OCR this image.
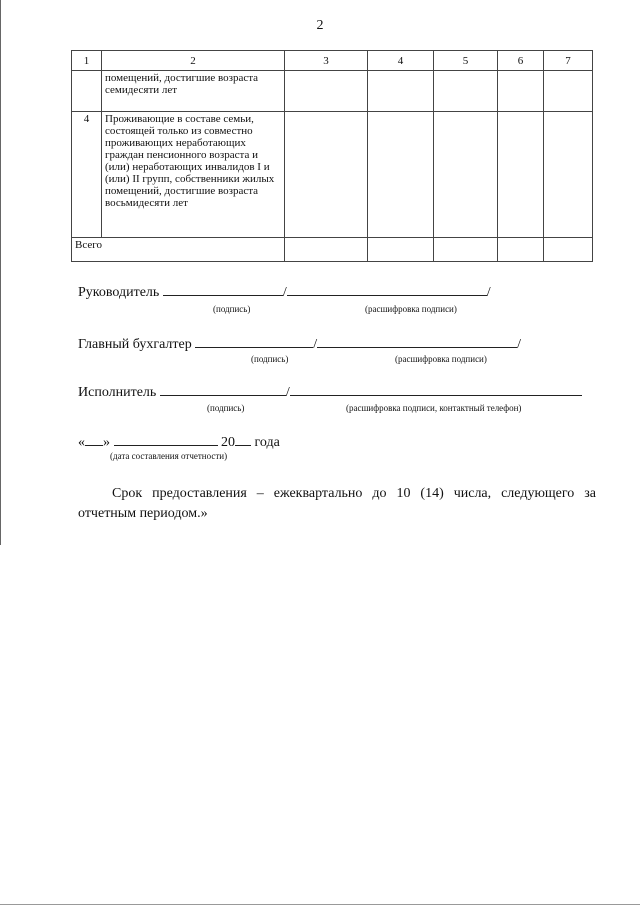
2
1	2	3	4	5	6	7
	помещений, достигшие возраста семидесяти лет					
4	Проживающие в составе семьи, состоящей только из совместно проживающих неработающих граждан пенсионного возраста и (или) неработающих инвалидов I и (или) II групп, собственники жилых помещений, достигшие возраста восьмидесяти лет					
Всего						
Руководитель	/	/
(подпись)	(расшифровка подписи)
Главный бухгалтер	/	/
(подпись)	(расшифровка подписи)
Исполнитель	/
(подпись)	(расшифровка подписи, контактный телефон)
« »	20 года
(дата составления отчетности)
Срок предоставления – ежеквартально до 10 (14) числа, следующего за отчетным периодом.»
